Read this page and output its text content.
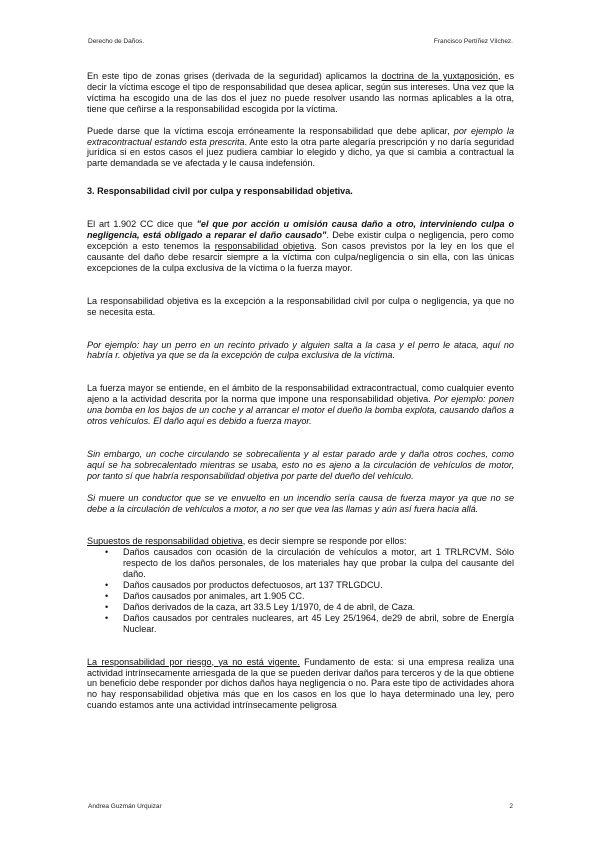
Derecho de Daños.	Francisco Pertíñez Vílchez.

En este tipo de zonas grises (derivada de la seguridad) aplicamos la doctrina de la yuxtaposición, es decir la víctima escoge el tipo de responsabilidad que desea aplicar, según sus intereses. Una vez que la víctima ha escogido una de las dos el juez no puede resolver usando las normas aplicables a la otra, tiene que ceñirse a la responsabilidad escogida por la víctima.

Puede darse que la víctima escoja erróneamente la responsabilidad que debe aplicar, por ejemplo la extracontractual estando esta prescrita. Ante esto la otra parte alegaría prescripción y no daría seguridad jurídica si en estos casos el juez pudiera cambiar lo elegido y dicho, ya que si cambia a contractual la parte demandada se ve afectada y le causa indefensión.

3. Responsabilidad civil por culpa y responsabilidad objetiva.

El art 1.902 CC dice que "el que por acción u omisión causa daño a otro, interviniendo culpa o negligencia, está obligado a reparar el daño causado". Debe existir culpa o negligencia, pero como excepción a esto tenemos la responsabilidad objetiva. Son casos previstos por la ley en los que el causante del daño debe resarcir siempre a la víctima con culpa/negligencia o sin ella, con las únicas excepciones de la culpa exclusiva de la víctima o la fuerza mayor.

La responsabilidad objetiva es la excepción a la responsabilidad civil por culpa o negligencia, ya que no se necesita esta.

Por ejemplo: hay un perro en un recinto privado y alguien salta a la casa y el perro le ataca, aquí no habría r. objetiva ya que se da la excepción de culpa exclusiva de la víctima.

La fuerza mayor se entiende, en el ámbito de la responsabilidad extracontractual, como cualquier evento ajeno a la actividad descrita por la norma que impone una responsabilidad objetiva. Por ejemplo: ponen una bomba en los bajos de un coche y al arrancar el motor el dueño la bomba explota, causando daños a otros vehículos. El daño aquí es debido a fuerza mayor.

Sin embargo, un coche circulando se sobrecalienta y al estar parado arde y daña otros coches, como aquí se ha sobrecalentado mientras se usaba, esto no es ajeno a la circulación de vehículos de motor, por tanto sí que habría responsabilidad objetiva por parte del dueño del vehículo.

Si muere un conductor que se ve envuelto en un incendio sería causa de fuerza mayor ya que no se debe a la circulación de vehículos a motor, a no ser que vea las llamas y aún así fuera hacia allá.

Supuestos de responsabilidad objetiva, es decir siempre se responde por ellos:

• Daños causados con ocasión de la circulación de vehículos a motor, art 1 TRLRCVM. Sólo respecto de los daños personales, de los materiales hay que probar la culpa del causante del daño.
• Daños causados por productos defectuosos, art 137 TRLGDCU.
• Daños causados por animales, art 1.905 CC.
• Daños derivados de la caza, art 33.5 Ley 1/1970, de 4 de abril, de Caza.
• Daños causados por centrales nucleares, art 45 Ley 25/1964, de29 de abril, sobre de Energía Nuclear.

La responsabilidad por riesgo, ya no está vigente. Fundamento de esta: si una empresa realiza una actividad intrínsecamente arriesgada de la que se pueden derivar daños para terceros y de la que obtiene un beneficio debe responder por dichos daños haya negligencia o no. Para este tipo de actividades ahora no hay responsabilidad objetiva más que en los casos en los que lo haya determinado una ley, pero cuando estamos ante una actividad intrínsecamente peligrosa

Andrea Guzmán Urquizar	2
